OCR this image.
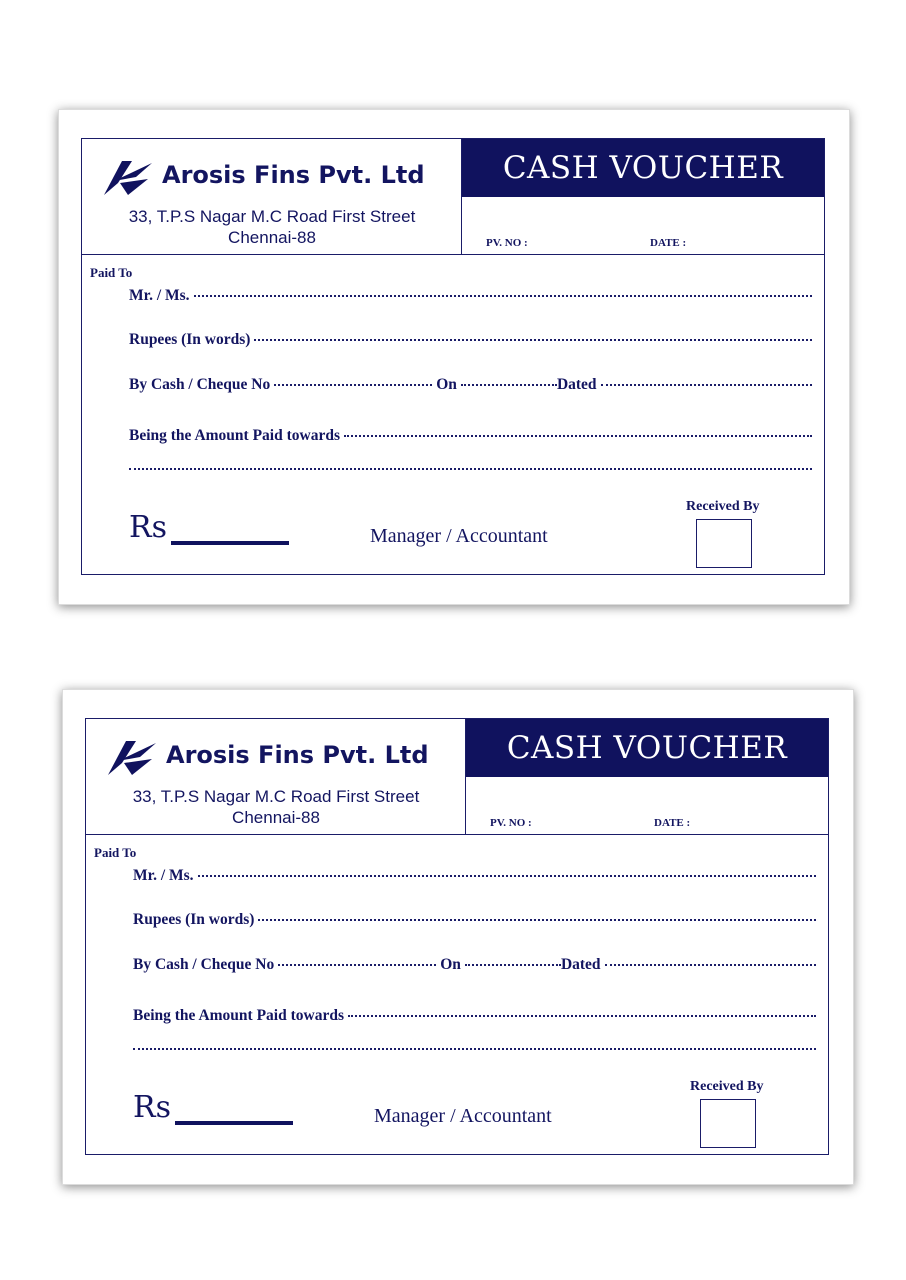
Arosis Fins Pvt. Ltd
33, T.P.S Nagar M.C Road First Street
Chennai-88
CASH VOUCHER
PV. NO :	DATE :
Paid To
Mr. / Ms.
Rupees (In words)
By Cash / Cheque No	On	Dated
Being the Amount Paid towards
Rs	Manager / Accountant
Received By
Arosis Fins Pvt. Ltd
33, T.P.S Nagar M.C Road First Street
Chennai-88
CASH VOUCHER
PV. NO :	DATE :
Paid To
Mr. / Ms.
Rupees (In words)
By Cash / Cheque No	On	Dated
Being the Amount Paid towards
Rs	Manager / Accountant
Received By
